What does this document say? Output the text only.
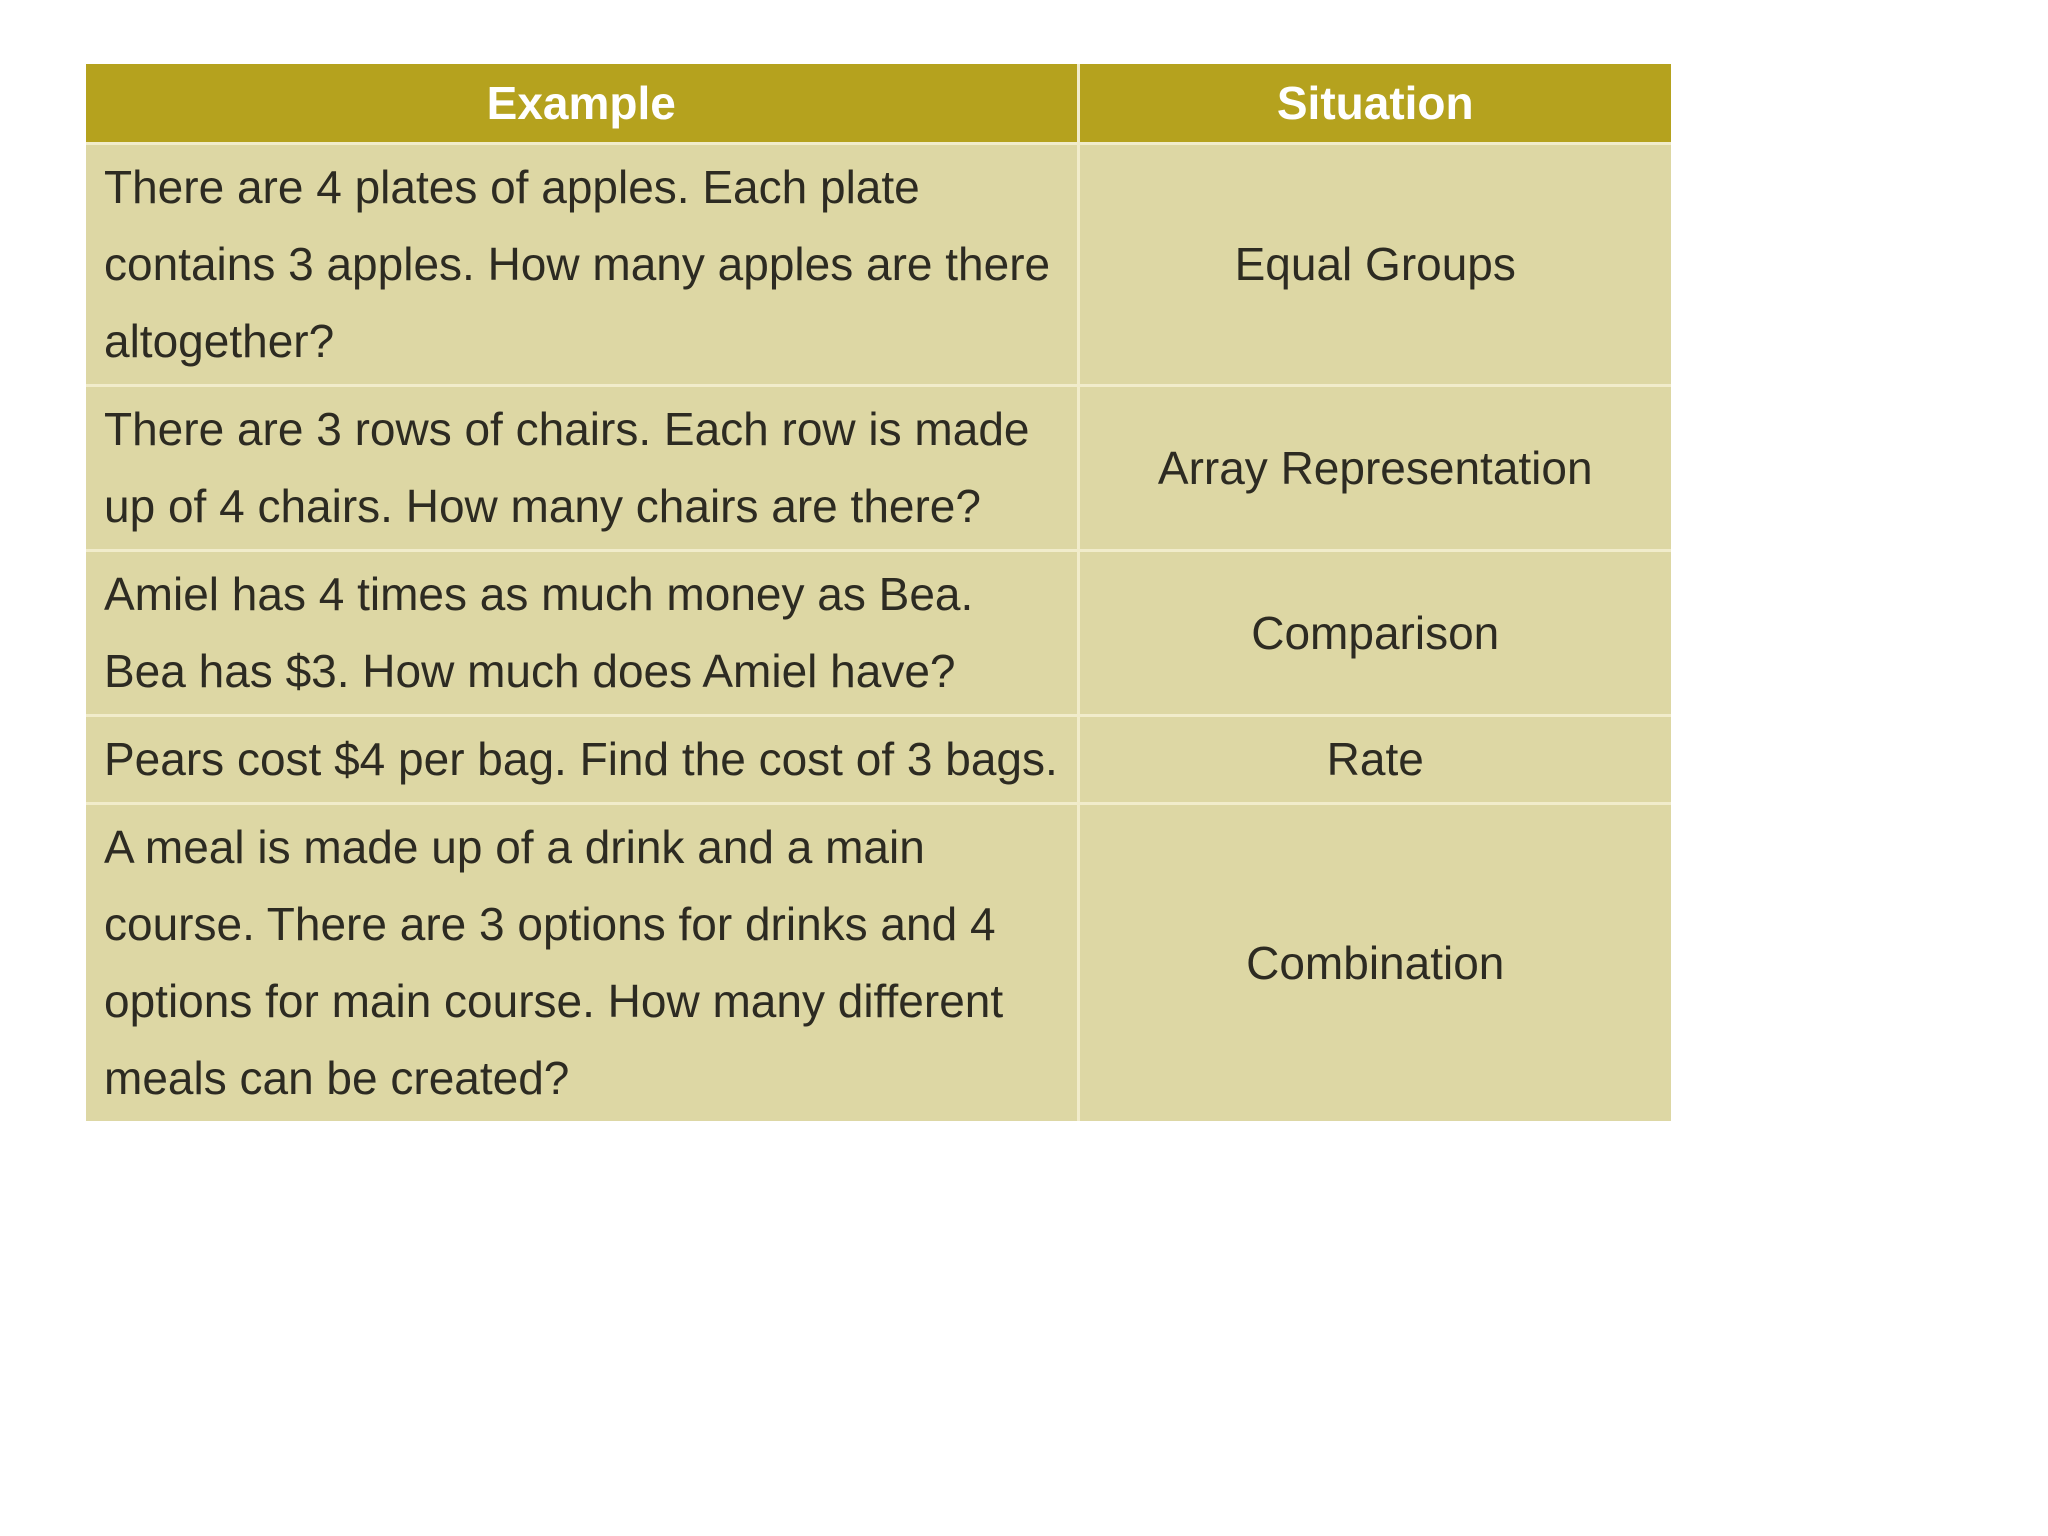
Example	Situation
There are 4 plates of apples. Each plate contains 3 apples. How many apples are there altogether?	Equal Groups
There are 3 rows of chairs. Each row is made up of 4 chairs. How many chairs are there?	Array Representation
Amiel has 4 times as much money as Bea. Bea has $3. How much does Amiel have?	Comparison
Pears cost $4 per bag. Find the cost of 3 bags.	Rate
A meal is made up of a drink and a main course. There are 3 options for drinks and 4 options for main course. How many different meals can be created?	Combination
